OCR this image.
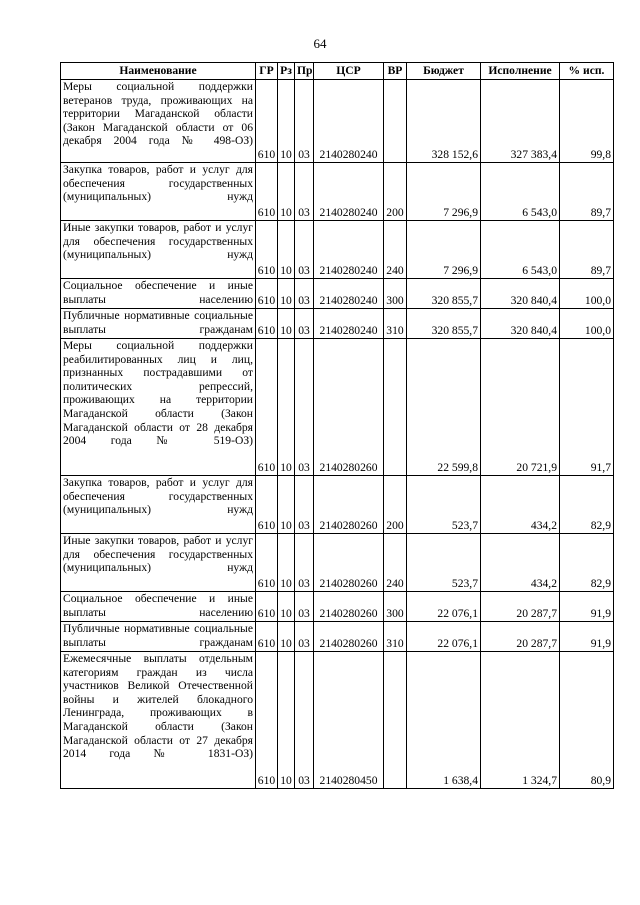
64
Наименование	ГР	Рз	Пр	ЦСР	ВР	Бюджет	Исполнение	% исп.
Меры социальной поддержки ветеранов труда, проживающих на территории Магаданской области (Закон Магаданской области от 06 декабря 2004 года № 498-ОЗ)	610	10	03	2140280240		328 152,6	327 383,4	99,8
Закупка товаров, работ и услуг для обеспечения государственных (муниципальных) нужд	610	10	03	2140280240	200	7 296,9	6 543,0	89,7
Иные закупки товаров, работ и услуг для обеспечения государственных (муниципальных) нужд	610	10	03	2140280240	240	7 296,9	6 543,0	89,7
Социальное обеспечение и иные выплаты населению	610	10	03	2140280240	300	320 855,7	320 840,4	100,0
Публичные нормативные социальные выплаты гражданам	610	10	03	2140280240	310	320 855,7	320 840,4	100,0
Меры социальной поддержки реабилитированных лиц и лиц, признанных пострадавшими от политических репрессий, проживающих на территории Магаданской области (Закон Магаданской области от 28 декабря 2004 года № 519-ОЗ)	610	10	03	2140280260		22 599,8	20 721,9	91,7
Закупка товаров, работ и услуг для обеспечения государственных (муниципальных) нужд	610	10	03	2140280260	200	523,7	434,2	82,9
Иные закупки товаров, работ и услуг для обеспечения государственных (муниципальных) нужд	610	10	03	2140280260	240	523,7	434,2	82,9
Социальное обеспечение и иные выплаты населению	610	10	03	2140280260	300	22 076,1	20 287,7	91,9
Публичные нормативные социальные выплаты гражданам	610	10	03	2140280260	310	22 076,1	20 287,7	91,9
Ежемесячные выплаты отдельным категориям граждан из числа участников Великой Отечественной войны и жителей блокадного Ленинграда, проживающих в Магаданской области (Закон Магаданской области от 27 декабря 2014 года № 1831-ОЗ)	610	10	03	2140280450		1 638,4	1 324,7	80,9
